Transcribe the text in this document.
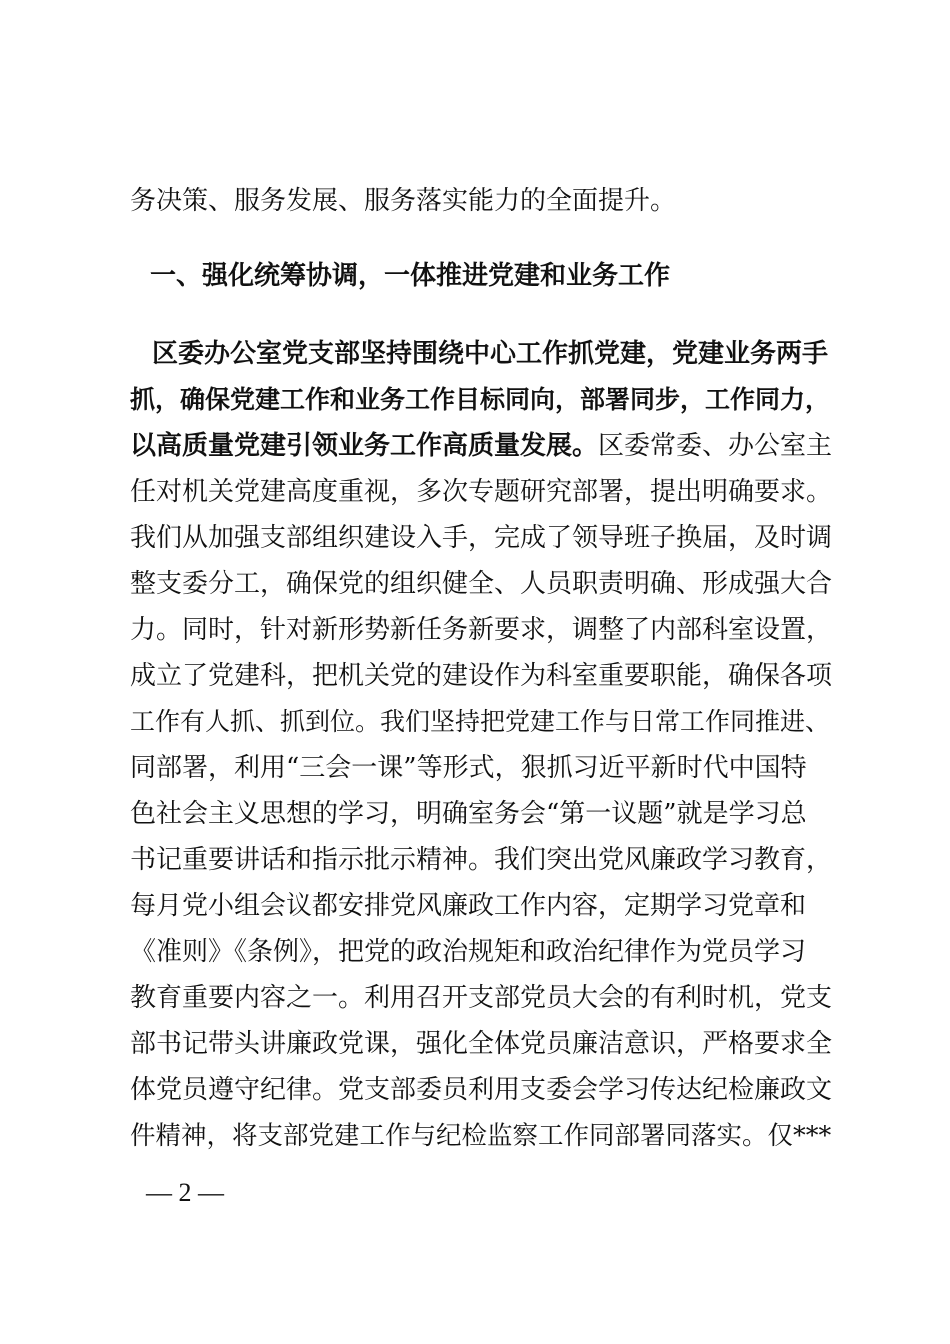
务决策、服务发展、服务落实能力的全面提升。
一、强化统筹协调，一体推进党建和业务工作
区委办公室党支部坚持围绕中心工作抓党建，党建业务两手
抓，确保党建工作和业务工作目标同向，部署同步，工作同力，
以高质量党建引领业务工作高质量发展。区委常委、办公室主
任对机关党建高度重视，多次专题研究部署，提出明确要求。
我们从加强支部组织建设入手，完成了领导班子换届，及时调
整支委分工，确保党的组织健全、人员职责明确、形成强大合
力。同时，针对新形势新任务新要求，调整了内部科室设置，
成立了党建科，把机关党的建设作为科室重要职能，确保各项
工作有人抓、抓到位。我们坚持把党建工作与日常工作同推进、
同部署，利用“三会一课”等形式，狠抓习近平新时代中国特
色社会主义思想的学习，明确室务会“第一议题”就是学习总
书记重要讲话和指示批示精神。我们突出党风廉政学习教育，
每月党小组会议都安排党风廉政工作内容，定期学习党章和
《准则》《条例》，把党的政治规矩和政治纪律作为党员学习
教育重要内容之一。利用召开支部党员大会的有利时机，党支
部书记带头讲廉政党课，强化全体党员廉洁意识，严格要求全
体党员遵守纪律。党支部委员利用支委会学习传达纪检廉政文
件精神，将支部党建工作与纪检监察工作同部署同落实。仅***
— 2 —
